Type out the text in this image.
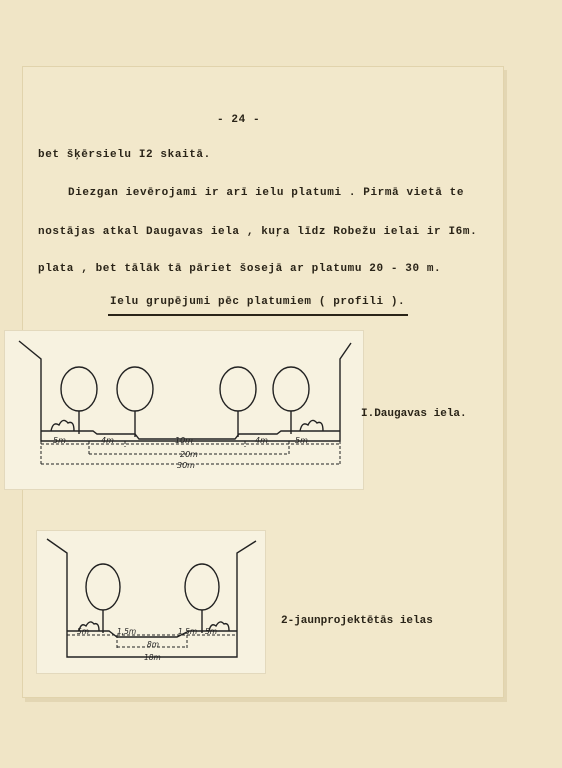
- 24 -
bet šķērsielu I2 skaitā.
Diezgan ievērojami ir arī ielu platumi . Pirmā vietā te
nostājas atkal Daugavas iela , kuŗa līdz Robežu ielai ir I6m.
plata , bet tālāk tā pāriet šosejā ar platumu 20 - 30 m.
Ielu grupējumi pēc platumiem ( profili ).
5m	4m	10m	4m	5m
20m
30m
I.Daugavas iela.
5m	1,5m	1,5m 5m
8m
18m
2-jaunprojektētās ielas
